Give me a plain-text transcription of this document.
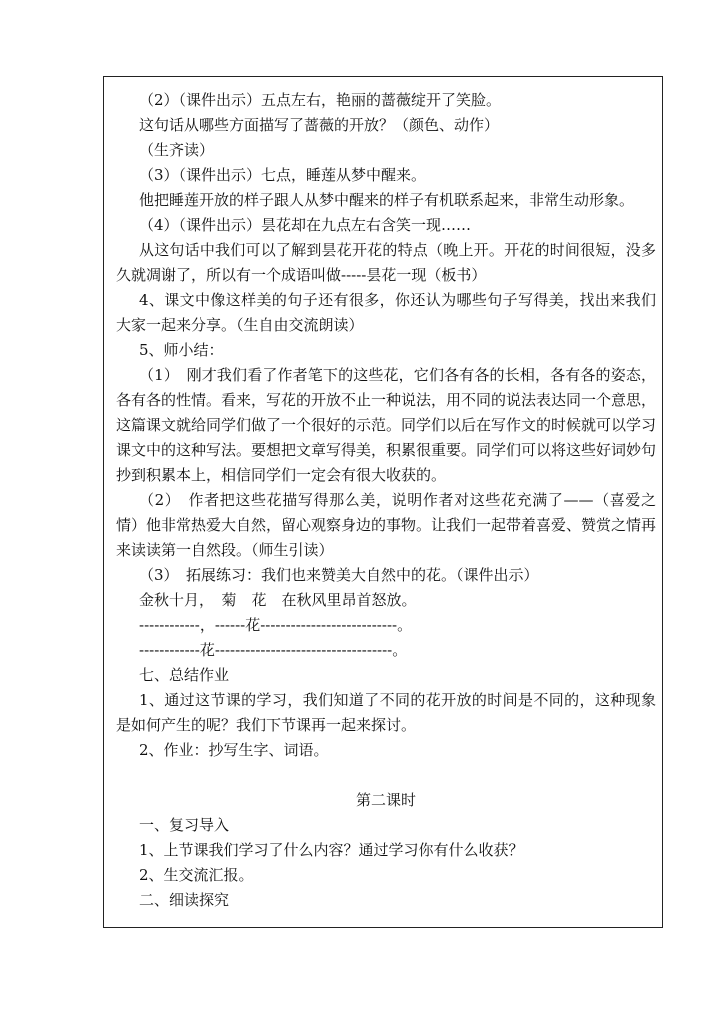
（2）（课件出示）五点左右，艳丽的蔷薇绽开了笑脸。

这句话从哪些方面描写了蔷薇的开放？（颜色、动作）

（生齐读）

（3）（课件出示）七点，睡莲从梦中醒来。

他把睡莲开放的样子跟人从梦中醒来的样子有机联系起来，非常生动形象。

（4）（课件出示）昙花却在九点左右含笑一现……

从这句话中我们可以了解到昙花开花的特点（晚上开。开花的时间很短，没多久就凋谢了，所以有一个成语叫做-----昙花一现（板书）

4、课文中像这样美的句子还有很多，你还认为哪些句子写得美，找出来我们大家一起来分享。（生自由交流朗读）

5、师小结：

（1）　刚才我们看了作者笔下的这些花，它们各有各的长相，各有各的姿态，各有各的性情。看来，写花的开放不止一种说法，用不同的说法表达同一个意思，这篇课文就给同学们做了一个很好的示范。同学们以后在写作文的时候就可以学习课文中的这种写法。要想把文章写得美，积累很重要。同学们可以将这些好词妙句抄到积累本上，相信同学们一定会有很大收获的。

（2）　作者把这些花描写得那么美，说明作者对这些花充满了——（喜爱之情）他非常热爱大自然，留心观察身边的事物。让我们一起带着喜爱、赞赏之情再来读读第一自然段。（师生引读）

（3）　拓展练习：我们也来赞美大自然中的花。（课件出示）

金秋十月，　菊　花　在秋风里昂首怒放。

------------，------花---------------------------。

------------花-----------------------------------。

七、总结作业

1、通过这节课的学习，我们知道了不同的花开放的时间是不同的，这种现象是如何产生的呢？我们下节课再一起来探讨。

2、作业：抄写生字、词语。

第二课时

一、复习导入

1、上节课我们学习了什么内容？通过学习你有什么收获？

2、生交流汇报。

二、细读探究
